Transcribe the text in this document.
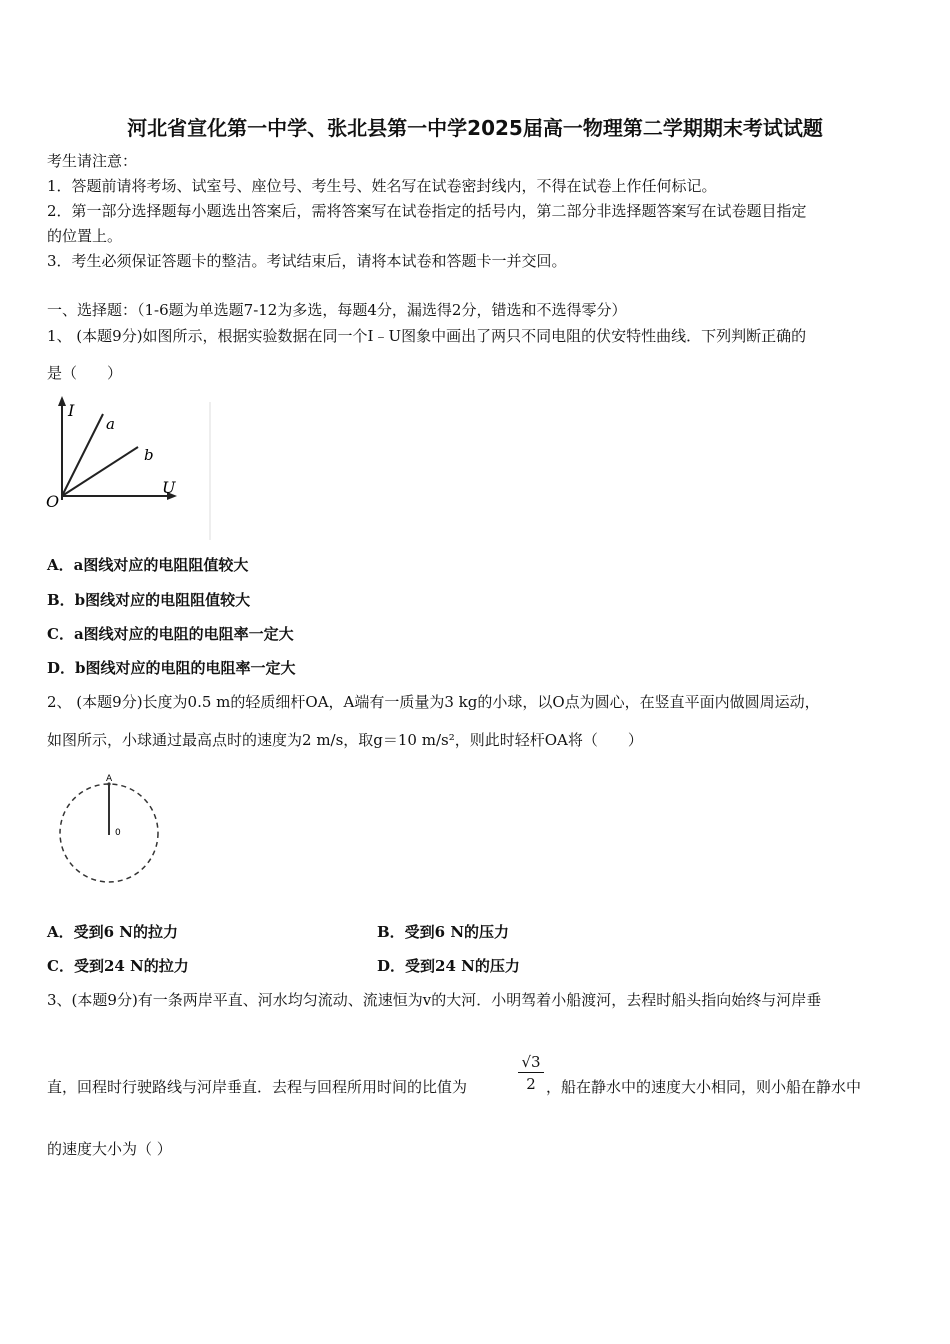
河北省宣化第一中学、张北县第一中学2025届高一物理第二学期期末考试试题
考生请注意：
1．答题前请将考场、试室号、座位号、考生号、姓名写在试卷密封线内，不得在试卷上作任何标记。
2．第一部分选择题每小题选出答案后，需将答案写在试卷指定的括号内，第二部分非选择题答案写在试卷题目指定
的位置上。
3．考生必须保证答题卡的整洁。考试结束后，请将本试卷和答题卡一并交回。
一、选择题：（1-6题为单选题7-12为多选，每题4分，漏选得2分，错选和不选得零分）
1、 (本题9分)如图所示，根据实验数据在同一个I﹣U图象中画出了两只不同电阻的伏安特性曲线．下列判断正确的
是（　　）
I
U
O
a
b
A．a图线对应的电阻阻值较大
B．b图线对应的电阻阻值较大
C．a图线对应的电阻的电阻率一定大
D．b图线对应的电阻的电阻率一定大
2、 (本题9分)长度为0.5 m的轻质细杆OA，A端有一质量为3 kg的小球，以O点为圆心，在竖直平面内做圆周运动，
如图所示，小球通过最高点时的速度为2 m/s，取g＝10 m/s²，则此时轻杆OA将（　　）
A
0
A．受到6 N的拉力	B．受到6 N的压力
C．受到24 N的拉力	D．受到24 N的压力
3、(本题9分)有一条两岸平直、河水均匀流动、流速恒为v的大河．小明驾着小船渡河，去程时船头指向始终与河岸垂
直，回程时行驶路线与河岸垂直．去程与回程所用时间的比值为	$\frac{√3}{2}$ ，船在静水中的速度大小相同，则小船在静水中
的速度大小为（ ）
